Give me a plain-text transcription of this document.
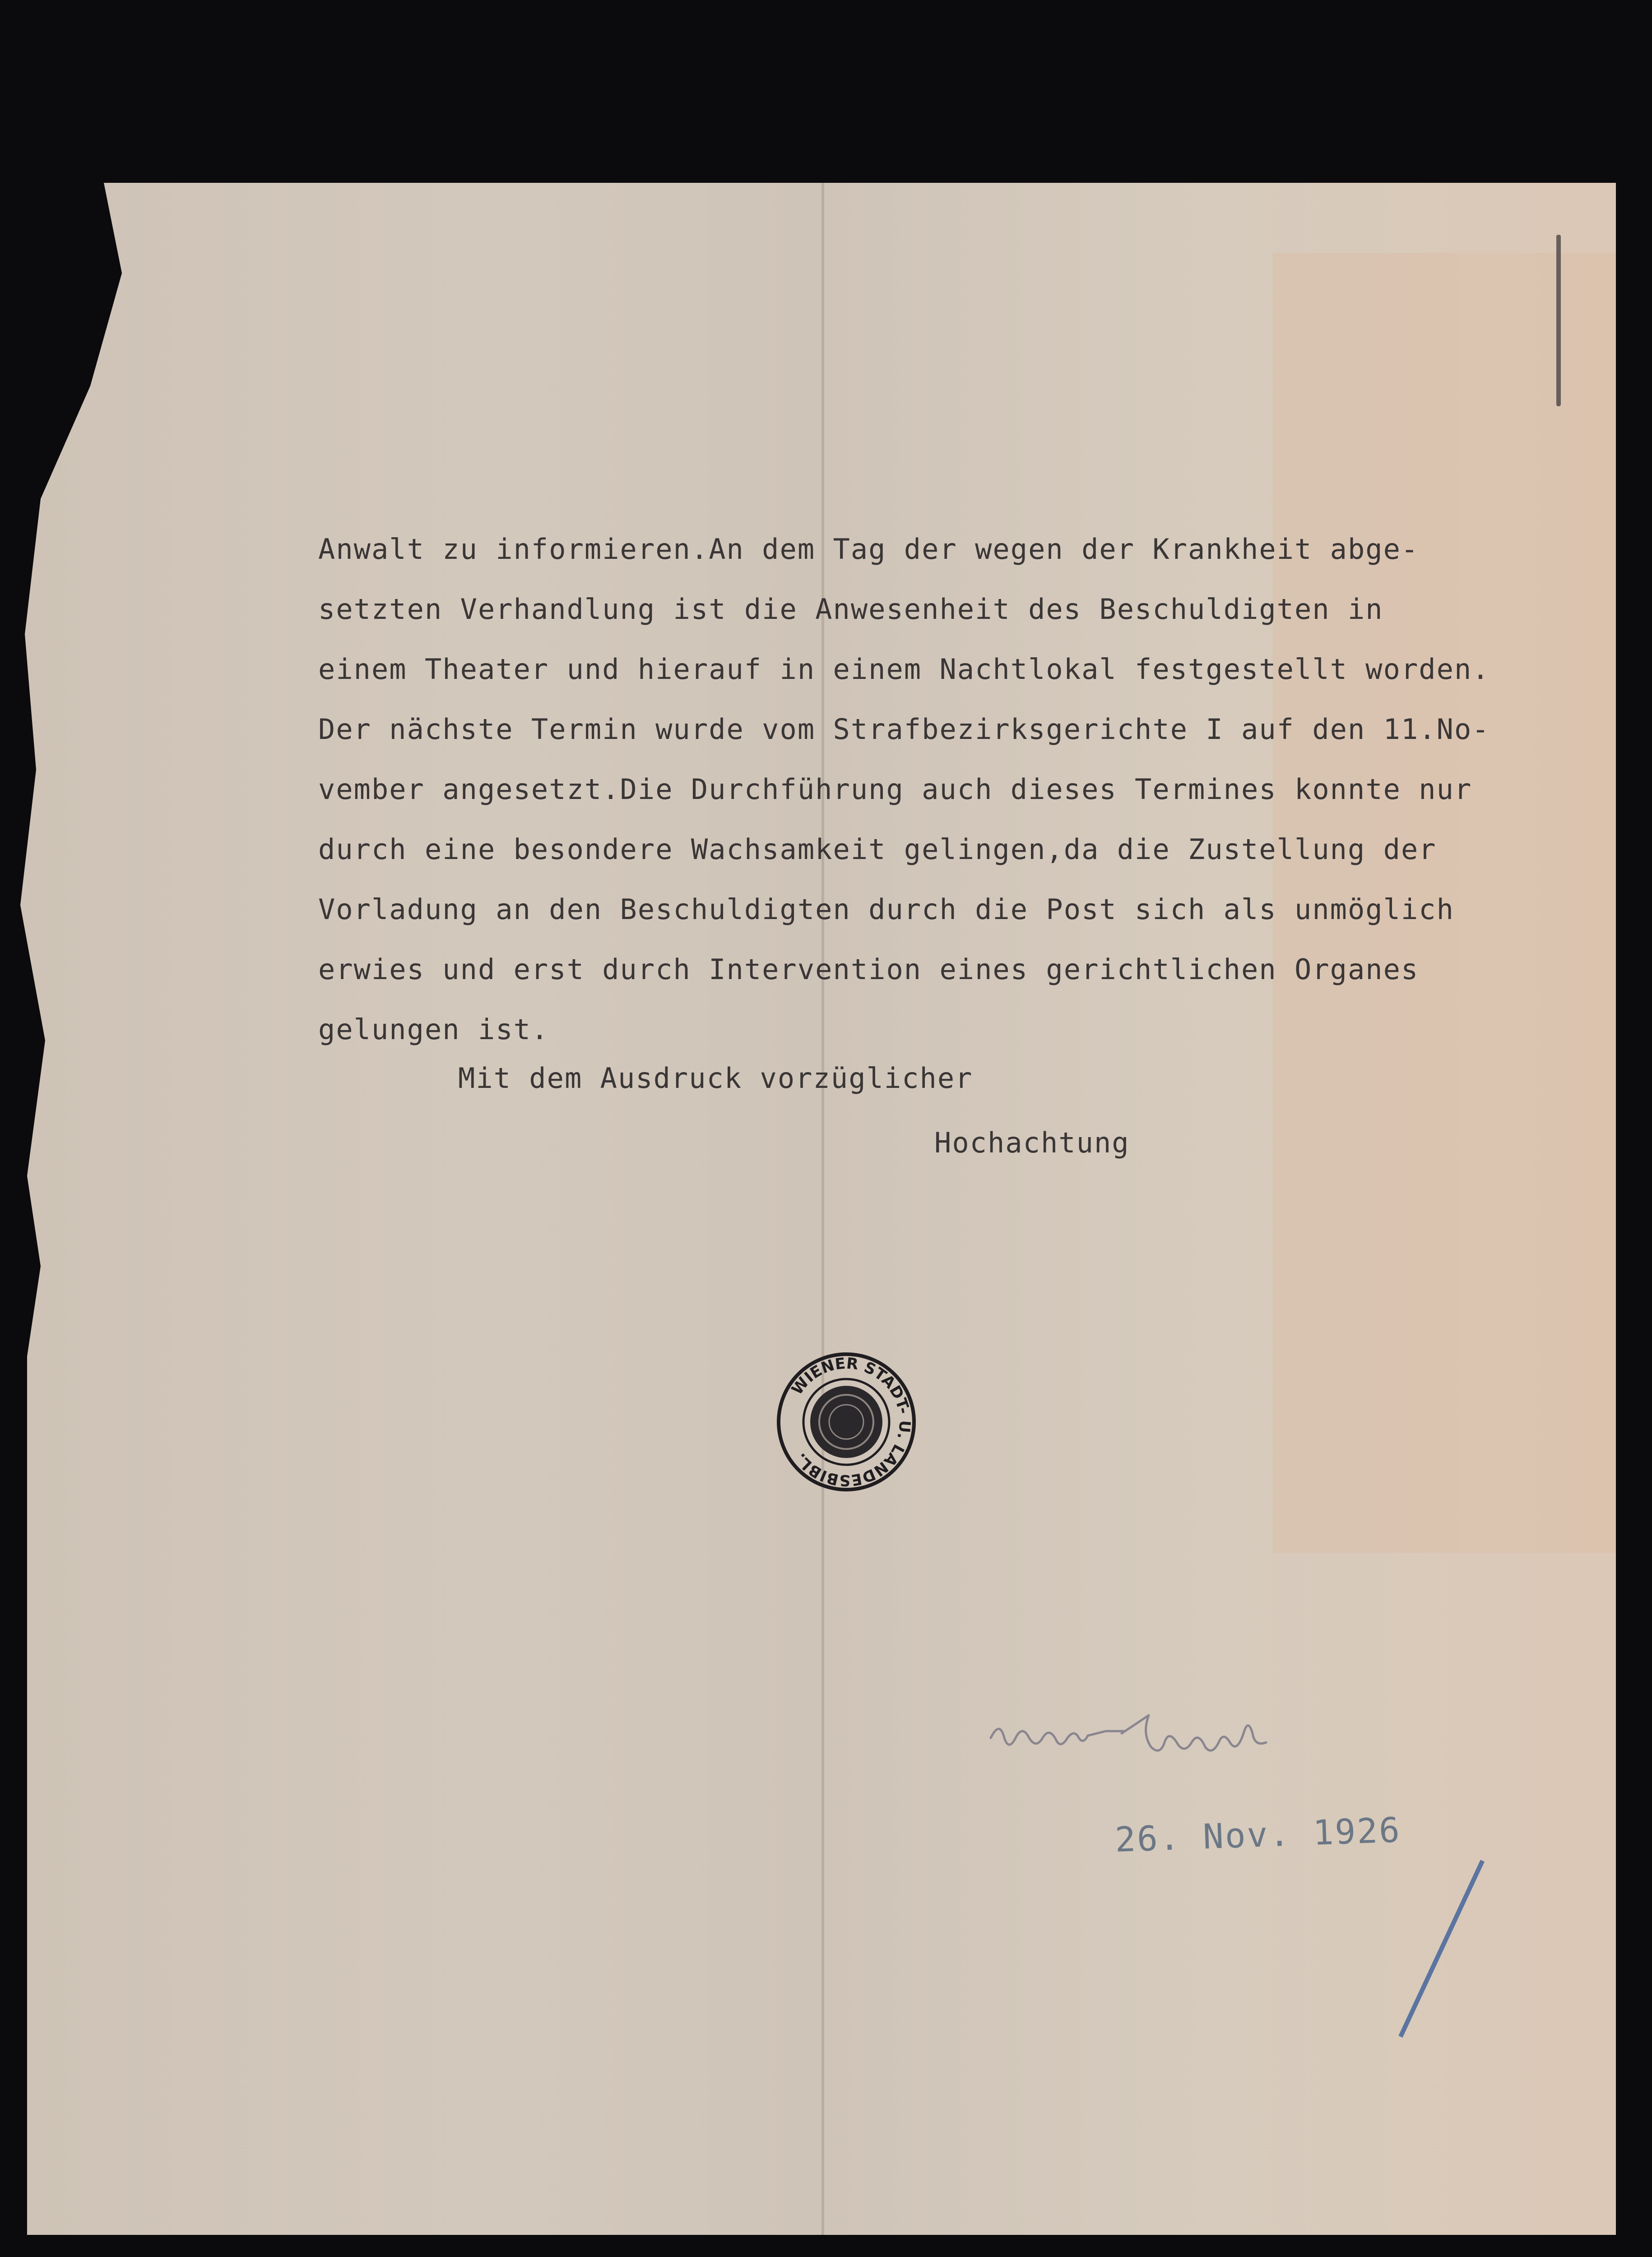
Anwalt zu informieren.An dem Tag der wegen der Krankheit abge-
setzten Verhandlung ist die Anwesenheit des Beschuldigten in
einem Theater und hierauf in einem Nachtlokal festgestellt worden.
Der nächste Termin wurde vom Strafbezirksgerichte I auf den 11.No-
vember angesetzt.Die Durchführung auch dieses Termines konnte nur
durch eine besondere Wachsamkeit gelingen,da die Zustellung der
Vorladung an den Beschuldigten durch die Post sich als unmöglich
erwies und erst durch Intervention eines gerichtlichen Organes
gelungen ist.
Mit dem Ausdruck vorzüglicher
Hochachtung
WIENER STADT- U. LANDESBIBL.
26. Nov. 1926
